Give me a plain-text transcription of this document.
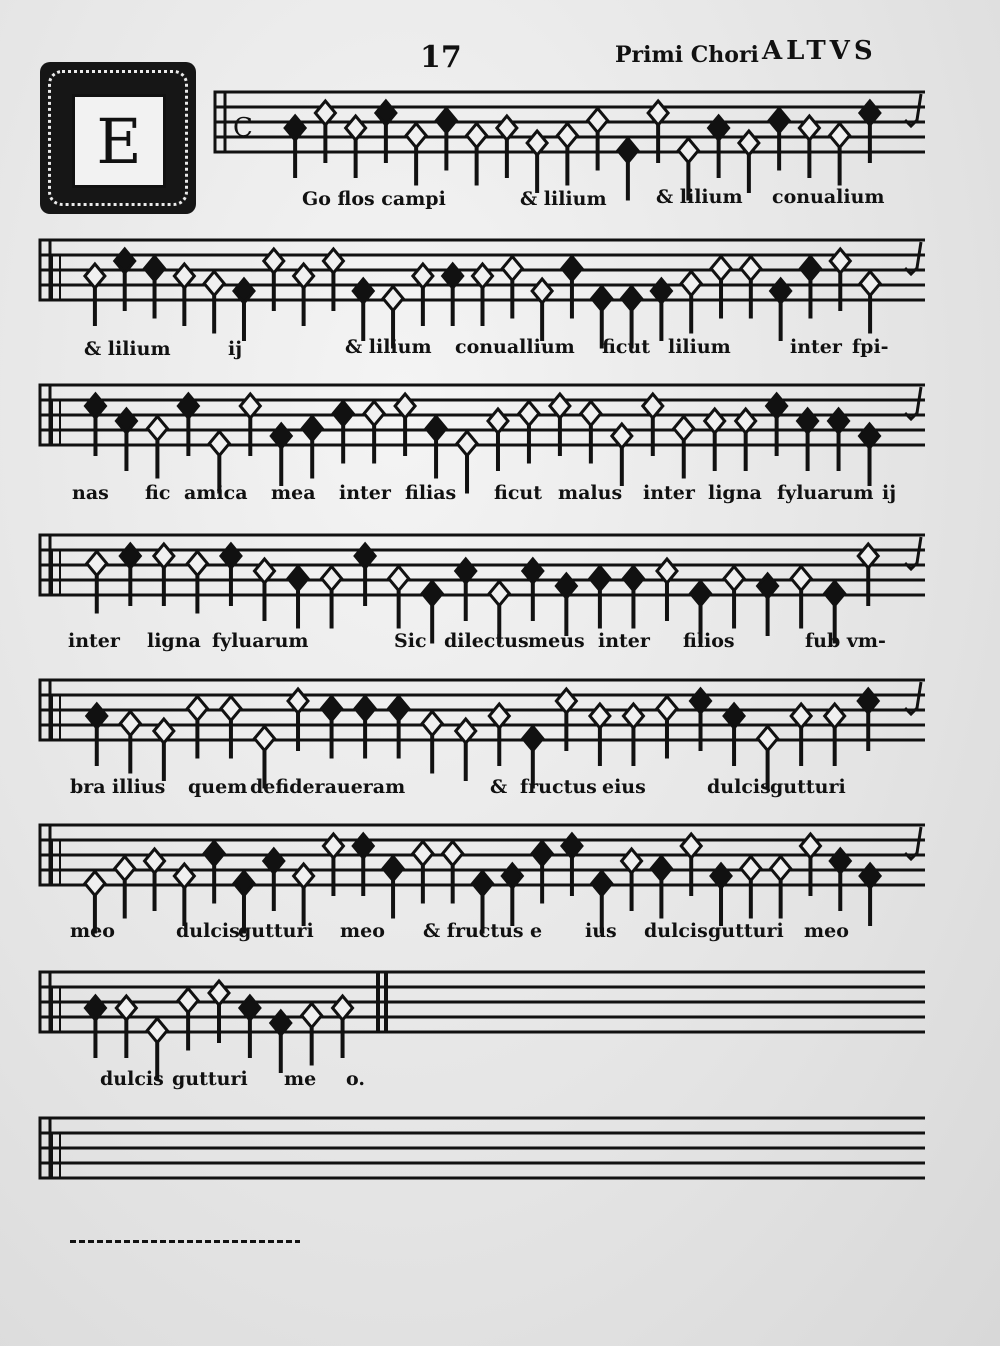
17	Primi Chori ALTVS
E	C
Go flos campi	& lilium	& lilium conualium
& lilium	ij	& lilium conuallium ficut lilium	inter fpi-
nas fic amica mea inter filias ficut malus inter ligna fyluarum ij
inter ligna fyluarum	Sic dilectus meus inter filios	fub vm-
bra illius quem defideraueram	& fructus eius	dulcis gutturi
meo	dulcis
gutturi meo & fructus e ius dulcis gutturi meo
dulcis gutturi me o.
